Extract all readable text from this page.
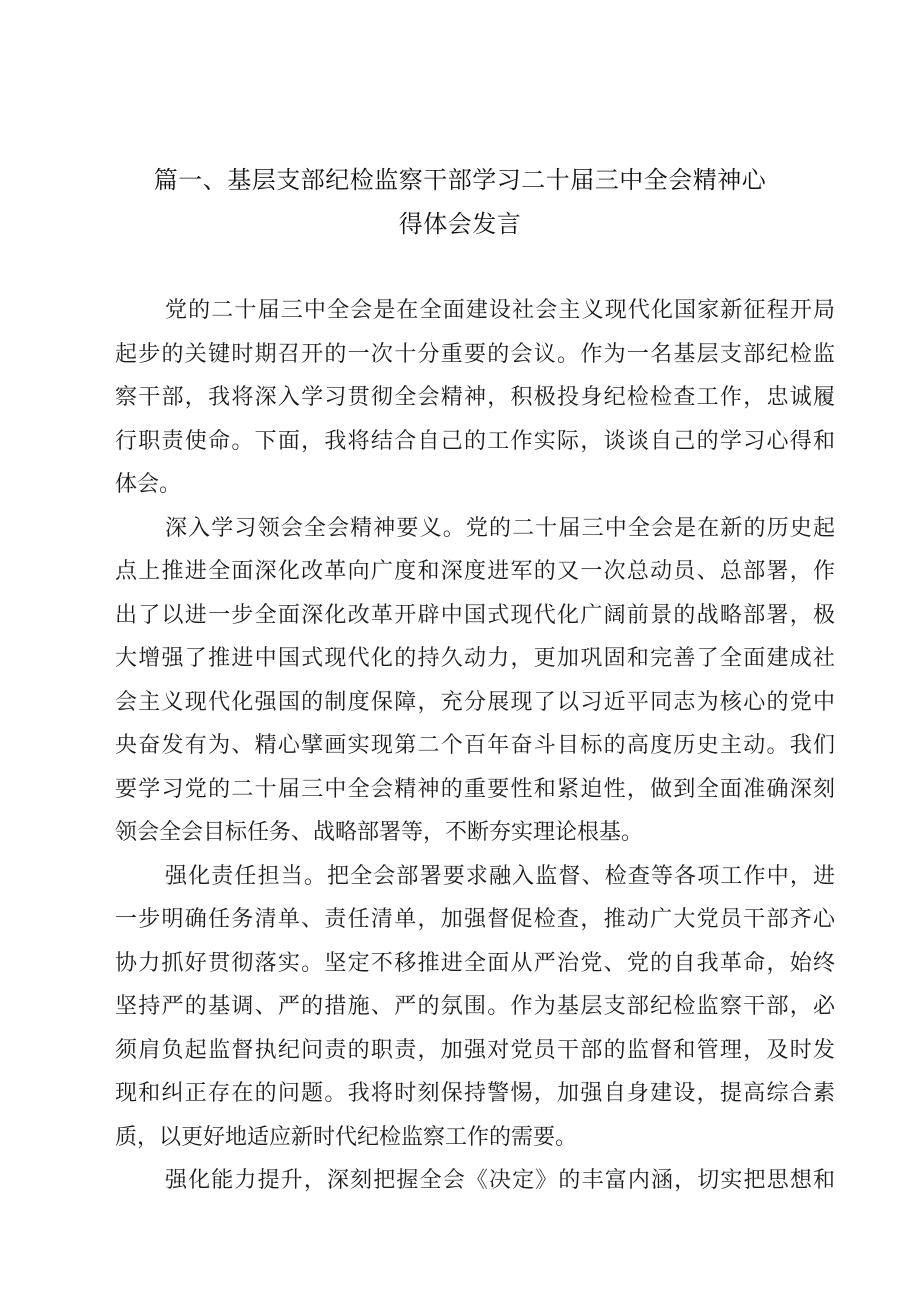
篇一、基层支部纪检监察干部学习二十届三中全会精神心
得体会发言
党的二十届三中全会是在全面建设社会主义现代化国家新征程开局
起步的关键时期召开的一次十分重要的会议。作为一名基层支部纪检监
察干部，我将深入学习贯彻全会精神，积极投身纪检检查工作，忠诚履
行职责使命。下面，我将结合自己的工作实际，谈谈自己的学习心得和
体会。
深入学习领会全会精神要义。党的二十届三中全会是在新的历史起
点上推进全面深化改革向广度和深度进军的又一次总动员、总部署，作
出了以进一步全面深化改革开辟中国式现代化广阔前景的战略部署，极
大增强了推进中国式现代化的持久动力，更加巩固和完善了全面建成社
会主义现代化强国的制度保障，充分展现了以习近平同志为核心的党中
央奋发有为、精心擘画实现第二个百年奋斗目标的高度历史主动。我们
要学习党的二十届三中全会精神的重要性和紧迫性，做到全面准确深刻
领会全会目标任务、战略部署等，不断夯实理论根基。
强化责任担当。把全会部署要求融入监督、检查等各项工作中，进
一步明确任务清单、责任清单，加强督促检查，推动广大党员干部齐心
协力抓好贯彻落实。坚定不移推进全面从严治党、党的自我革命，始终
坚持严的基调、严的措施、严的氛围。作为基层支部纪检监察干部，必
须肩负起监督执纪问责的职责，加强对党员干部的监督和管理，及时发
现和纠正存在的问题。我将时刻保持警惕，加强自身建设，提高综合素
质，以更好地适应新时代纪检监察工作的需要。
强化能力提升，深刻把握全会《决定》的丰富内涵，切实把思想和
